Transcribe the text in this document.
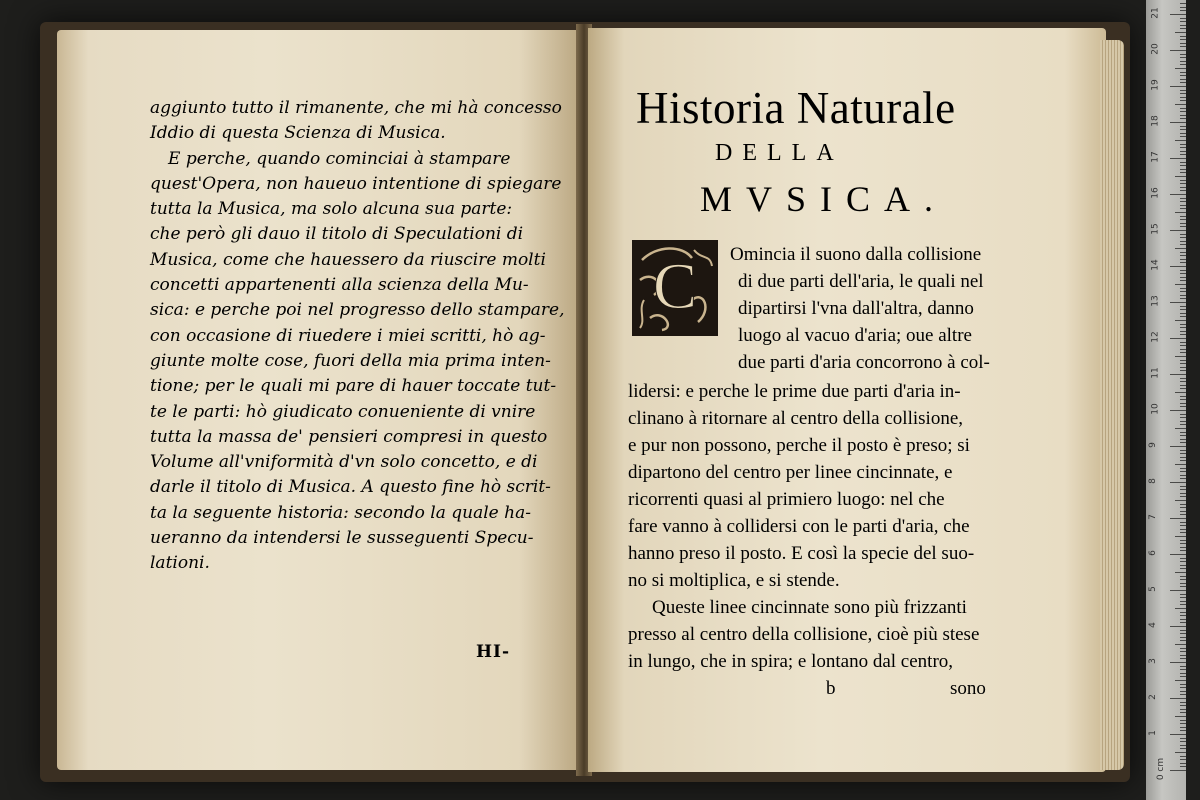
aggiunto tutto il rimanente, che mi hà concesso
Iddio di questa Scienza di Musica.
E perche, quando cominciai à stampare
quest'Opera, non haueuo intentione di spiegare
tutta la Musica, ma solo alcuna sua parte:
che però gli dauo il titolo di Speculationi di
Musica, come che hauessero da riuscire molti
concetti appartenenti alla scienza della Mu-
sica: e perche poi nel progresso dello stampare,
con occasione di riuedere i miei scritti, hò ag-
giunte molte cose, fuori della mia prima inten-
tione; per le quali mi pare di hauer toccate tut-
te le parti: hò giudicato conueniente di vnire
tutta la massa de' pensieri compresi in questo
Volume all'vniformità d'vn solo concetto, e di
darle il titolo di Musica. A questo fine hò scrit-
ta la seguente historia: secondo la quale ha-
ueranno da intendersi le susseguenti Specu-
lationi.
HI-
Historia Naturale
DELLA
MVSICA.
C Omincia il suono dalla collisione
di due parti dell'aria, le quali nel
dipartirsi l'vna dall'altra, danno
luogo al vacuo d'aria; oue altre
due parti d'aria concorrono à col-
lidersi: e perche le prime due parti d'aria in-
clinano à ritornare al centro della collisione,
e pur non possono, perche il posto è preso; si
dipartono del centro per linee cincinnate, e
ricorrenti quasi al primiero luogo: nel che
fare vanno à collidersi con le parti d'aria, che
hanno preso il posto. E così la specie del suo-
no si moltiplica, e si stende.
Queste linee cincinnate sono più frizzanti
presso al centro della collisione, cioè più stese
in lungo, che in spira; e lontano dal centro,
b	sono
0 cm
1
2
3
4
5
6
7
8
9
10
11
12
13
14
15
16
17
18
19
20
21
